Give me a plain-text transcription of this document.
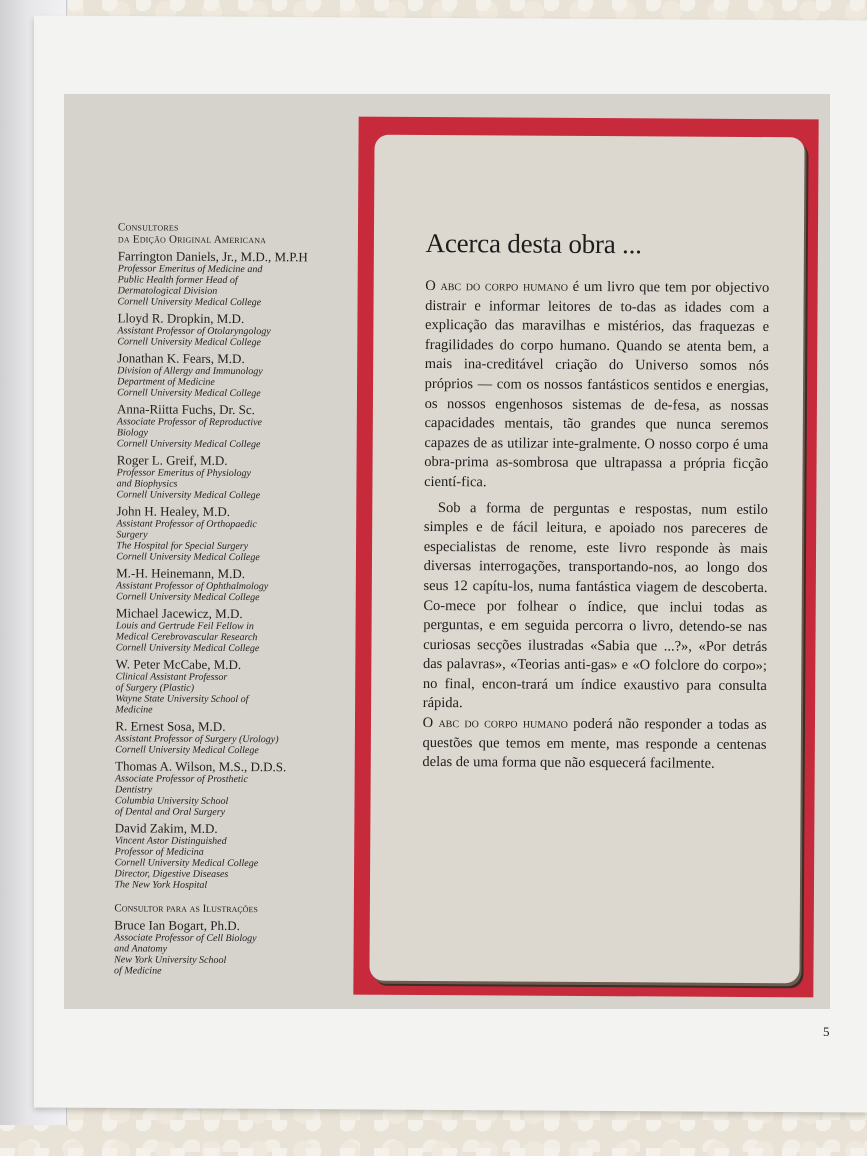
Consultores
da Edição Original Americana
Farrington Daniels, Jr., M.D., M.P.H
Professor Emeritus of Medicine and
Public Health former Head of
Dermatological Division
Cornell University Medical College
Lloyd R. Dropkin, M.D.
Assistant Professor of Otolaryngology
Cornell University Medical College
Jonathan K. Fears, M.D.
Division of Allergy and Immunology
Department of Medicine
Cornell University Medical College
Anna-Riitta Fuchs, Dr. Sc.
Associate Professor of Reproductive
Biology
Cornell University Medical College
Roger L. Greif, M.D.
Professor Emeritus of Physiology
and Biophysics
Cornell University Medical College
John H. Healey, M.D.
Assistant Professor of Orthopaedic
Surgery
The Hospital for Special Surgery
Cornell University Medical College
M.-H. Heinemann, M.D.
Assistant Professor of Ophthalmology
Cornell University Medical College
Michael Jacewicz, M.D.
Louis and Gertrude Feil Fellow in
Medical Cerebrovascular Research
Cornell University Medical College
W. Peter McCabe, M.D.
Clinical Assistant Professor
of Surgery (Plastic)
Wayne State University School of
Medicine
R. Ernest Sosa, M.D.
Assistant Professor of Surgery (Urology)
Cornell University Medical College
Thomas A. Wilson, M.S., D.D.S.
Associate Professor of Prosthetic
Dentistry
Columbia University School
of Dental and Oral Surgery
David Zakim, M.D.
Vincent Astor Distinguished
Professor of Medicina
Cornell University Medical College
Director, Digestive Diseases
The New York Hospital
Consultor para as Ilustrações
Bruce Ian Bogart, Ph.D.
Associate Professor of Cell Biology
and Anatomy
New York University School
of Medicine
Acerca desta obra ...

O abc do corpo humano é um livro que tem por objectivo distrair e informar leitores de to-das as idades com a explicação das maravilhas e mistérios, das fraquezas e fragilidades do corpo humano. Quando se atenta bem, a mais ina-creditável criação do Universo somos nós próprios — com os nossos fantásticos sentidos e energias, os nossos engenhosos sistemas de de-fesa, as nossas capacidades mentais, tão grandes que nunca seremos capazes de as utilizar inte-gralmente. O nosso corpo é uma obra-prima as-sombrosa que ultrapassa a própria ficção cientí-fica.

Sob a forma de perguntas e respostas, num estilo simples e de fácil leitura, e apoiado nos pareceres de especialistas de renome, este livro responde às mais diversas interrogações, transportando-nos, ao longo dos seus 12 capítu-los, numa fantástica viagem de descoberta. Co-mece por folhear o índice, que inclui todas as perguntas, e em seguida percorra o livro, detendo-se nas curiosas secções ilustradas «Sabia que ...?», «Por detrás das palavras», «Teorias anti-gas» e «O folclore do corpo»; no final, encon-trará um índice exaustivo para consulta rápida.

O abc do corpo humano poderá não responder a todas as questões que temos em mente, mas responde a centenas delas de uma forma que não esquecerá facilmente.

5
